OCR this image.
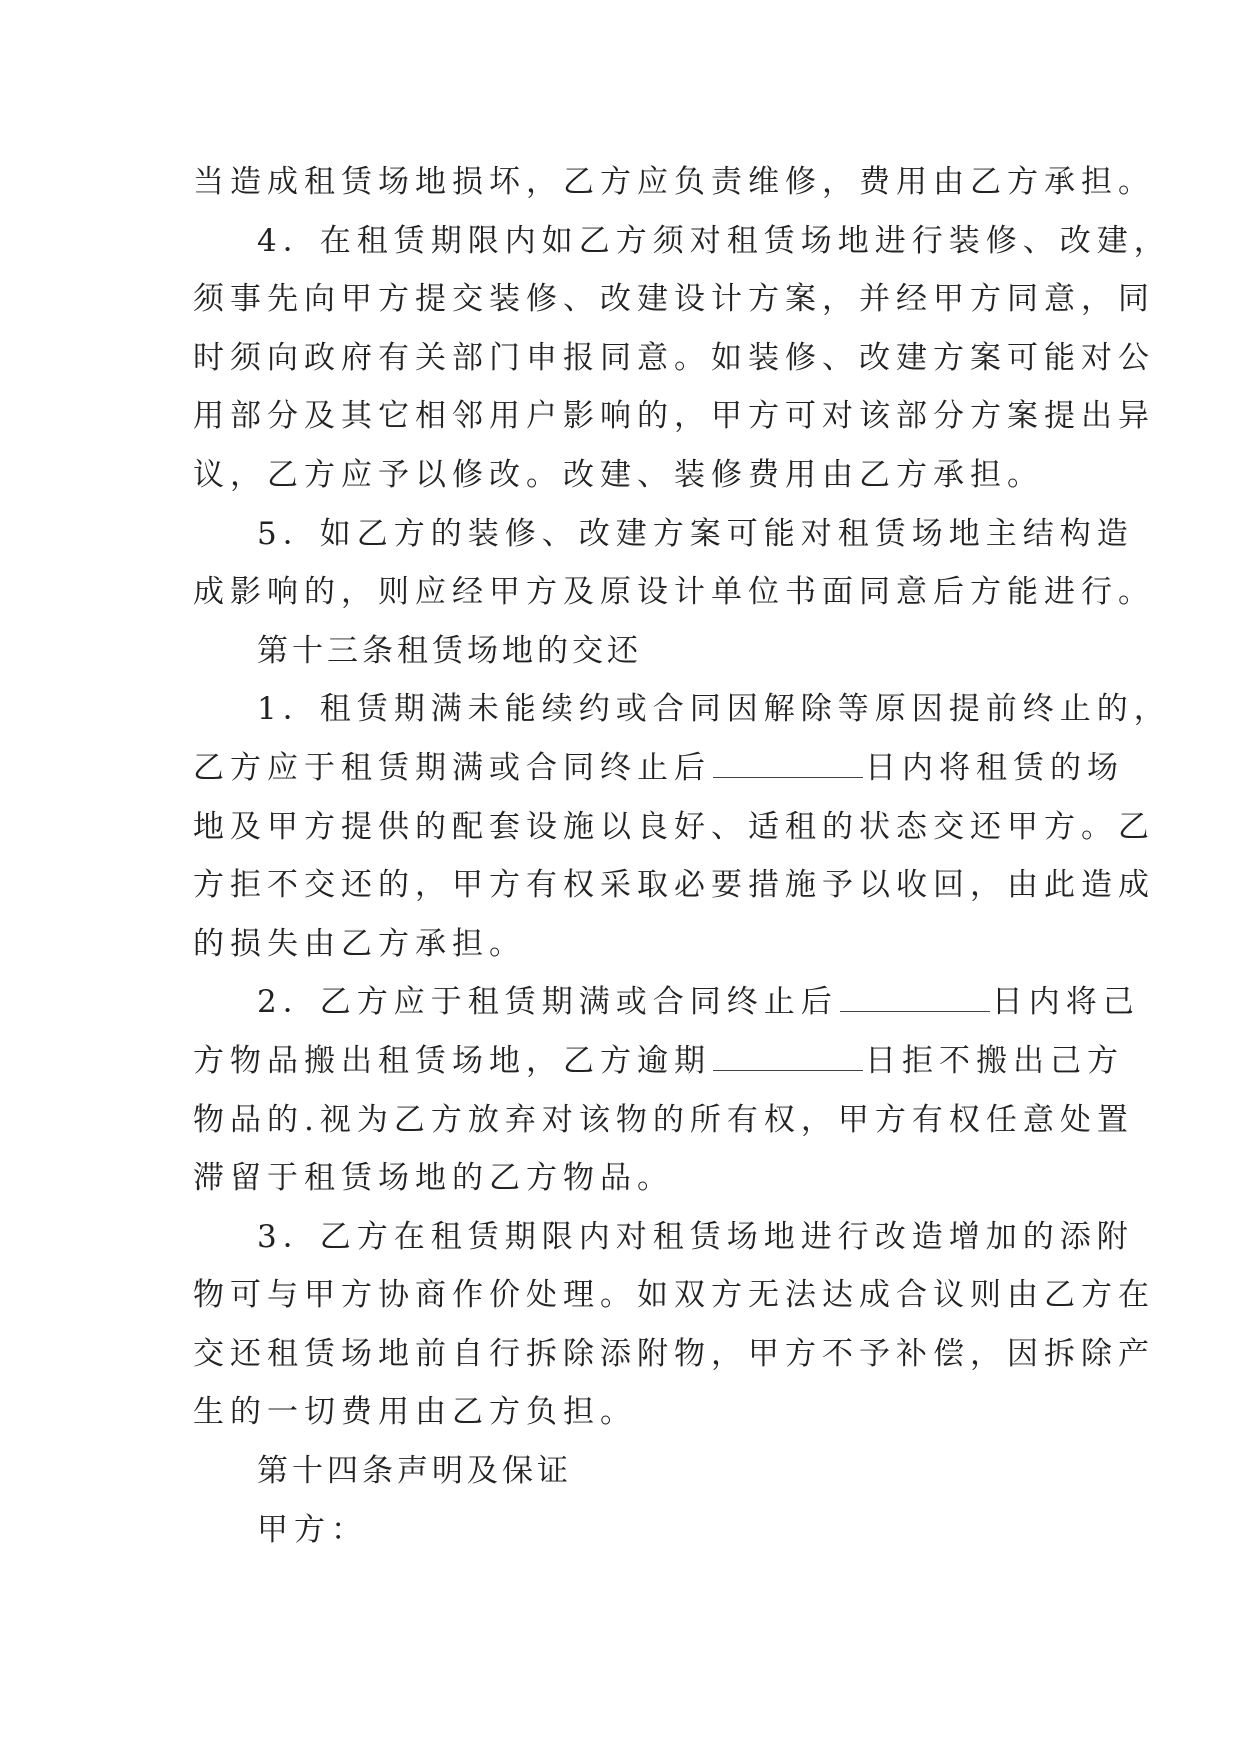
当造成租赁场地损坏，乙方应负责维修，费用由乙方承担。
4．在租赁期限内如乙方须对租赁场地进行装修、改建，
须事先向甲方提交装修、改建设计方案，并经甲方同意，同
时须向政府有关部门申报同意。如装修、改建方案可能对公
用部分及其它相邻用户影响的，甲方可对该部分方案提出异
议，乙方应予以修改。改建、装修费用由乙方承担。
5．如乙方的装修、改建方案可能对租赁场地主结构造
成影响的，则应经甲方及原设计单位书面同意后方能进行。
第十三条租赁场地的交还
1．租赁期满未能续约或合同因解除等原因提前终止的，
乙方应于租赁期满或合同终止后	日内将租赁的场
地及甲方提供的配套设施以良好、适租的状态交还甲方。乙
方拒不交还的，甲方有权采取必要措施予以收回，由此造成
的损失由乙方承担。
2．乙方应于租赁期满或合同终止后	日内将己
方物品搬出租赁场地，乙方逾期	日拒不搬出己方
物品的.视为乙方放弃对该物的所有权，甲方有权任意处置
滞留于租赁场地的乙方物品。
3．乙方在租赁期限内对租赁场地进行改造增加的添附
物可与甲方协商作价处理。如双方无法达成合议则由乙方在
交还租赁场地前自行拆除添附物，甲方不予补偿，因拆除产
生的一切费用由乙方负担。
第十四条声明及保证
甲方：
